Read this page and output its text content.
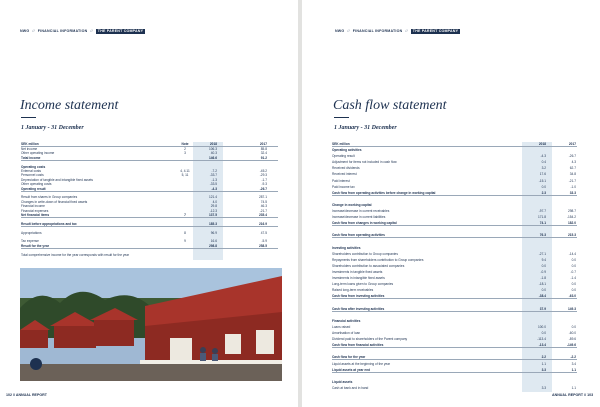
NWG // FINANCIAL INFORMATION //	THE PARENT COMPANY
Income statement
1 January - 31 December
SEK million	Note	2018	2017
Net income	2	106.3	85.8
Other operating income	3	40.3	32.4
Total income	146.6	91.2
Operating costs
External costs	4, 4.11	-7.2	-45.2
Personnel costs	5, 11	-33.7	-29.3
Depreciation of tangible and intangible fixed assets	-1.3	-1.7
Other operating costs	-33.5	-9.3
Operating result	-4.3	-26.7
Result from shares in Group companies	121.4	287.1
Changes in write-down of financial fixed assets	4.0	74.5
Financial income	29.8	46.3
Financial expenses	-12.3	-21.7
Net financial items	7	137.5	235.4
Result before appropriations and tax	185.3	216.9
Appropriations	8	96.9	47.5
Tax expense	9	16.6	-5.9
Result for the year	298.8	258.5
Total comprehensive income for the year corresponds with result for the year
102 // ANNUAL REPORT
NWG // FINANCIAL INFORMATION //	THE PARENT COMPANY
Cash flow statement
1 January - 31 December
SEK million	2018	2017
Operating activities
Operating result	-4.3	-26.7
Adjustment for items not included in cash flow	0.4	4.3
Received dividends	3.2	62.7
Received interest	17.6	34.8
Paid interest	-15.1	-21.7
Paid income tax	0.0	-1.0
Cash flow from operating activities before change in working capital	2.3	33.3
Change in working capital
Increase/decrease in current receivables	-97.7	298.7
Increase/decrease in current liabilities	171.8	-154.2
Cash flow from changes in working capital	74.1	182.0
Cash flow from operating activities	76.3	215.3
Investing activities
Shareholders contribution to Group companies	-27.1	-14.4
Repayments from shareholders contribution to Group companies	9.4	0.0
Shareholders contribution to associated companies	0.0	0.0
Investments in tangible fixed assets	-0.9	-0.7
Investments in intangible fixed assets	-1.8	-1.4
Long-term loans given to Group companies	-18.1	0.0
Raised long-term receivables	0.0	0.0
Cash flow from investing activities	-38.4	-63.0
Cash flow after investing activities	37.9	149.3
Financial activities
Loans raised	100.0	0.0
Amortisation of loan	0.0	-60.0
Dividend paid to shareholders of the Parent company	-113.4	-89.6
Cash flow from financial activities	-13.4	-149.6
Cash flow for the year	2.2	-2.2
Liquid assets at the beginning of the year	1.1	3.4
Liquid assets at year end	3.3	1.1
Liquid assets
Cash at bank and in hand	3.3	1.1
ANNUAL REPORT // 103
